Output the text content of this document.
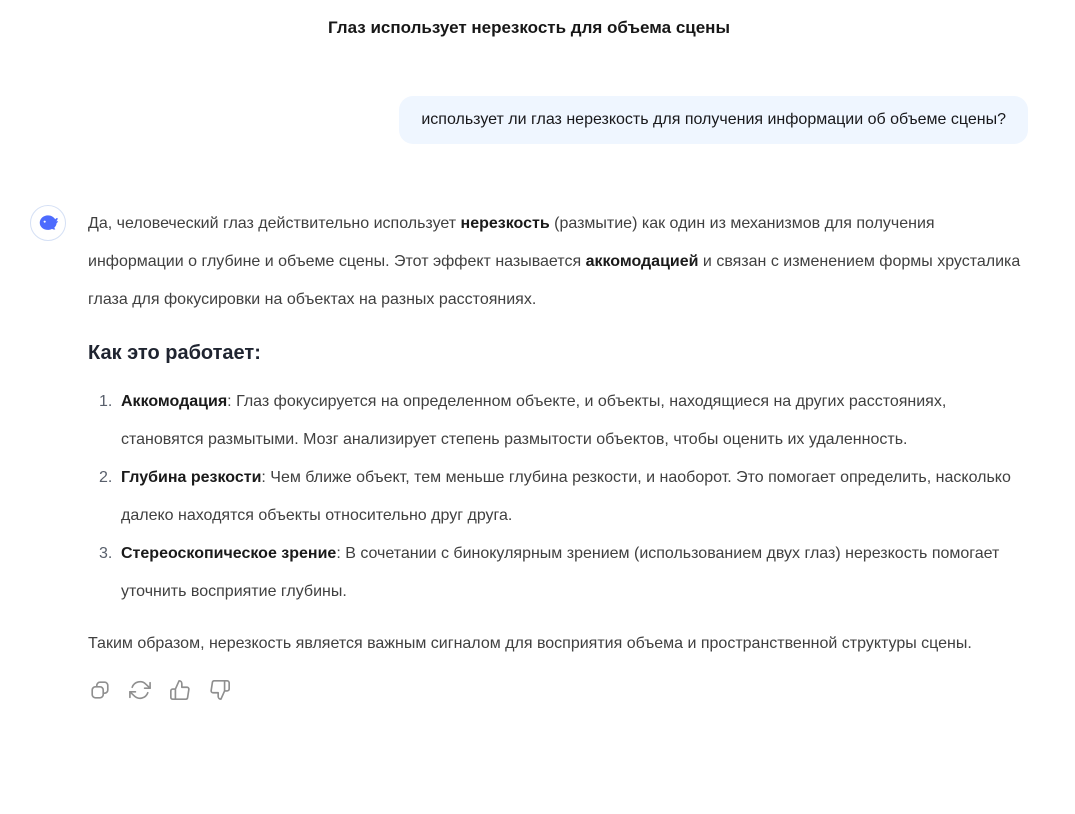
Глаз использует нерезкость для объема сцены
использует ли глаз нерезкость для получения информации об объеме сцены?

Да, человеческий глаз действительно использует нерезкость (размытие) как один из механизмов для получения информации о глубине и объеме сцены. Этот эффект называется аккомодацией и связан с изменением формы хрусталика глаза для фокусировки на объектах на разных расстояниях.

Как это работает:
1. Аккомодация: Глаз фокусируется на определенном объекте, и объекты, находящиеся на других расстояниях, становятся размытыми. Мозг анализирует степень размытости объектов, чтобы оценить их удаленность.
2. Глубина резкости: Чем ближе объект, тем меньше глубина резкости, и наоборот. Это помогает определить, насколько далеко находятся объекты относительно друг друга.
3. Стереоскопическое зрение: В сочетании с бинокулярным зрением (использованием двух глаз) нерезкость помогает уточнить восприятие глубины.

Таким образом, нерезкость является важным сигналом для восприятия объема и пространственной структуры сцены.
